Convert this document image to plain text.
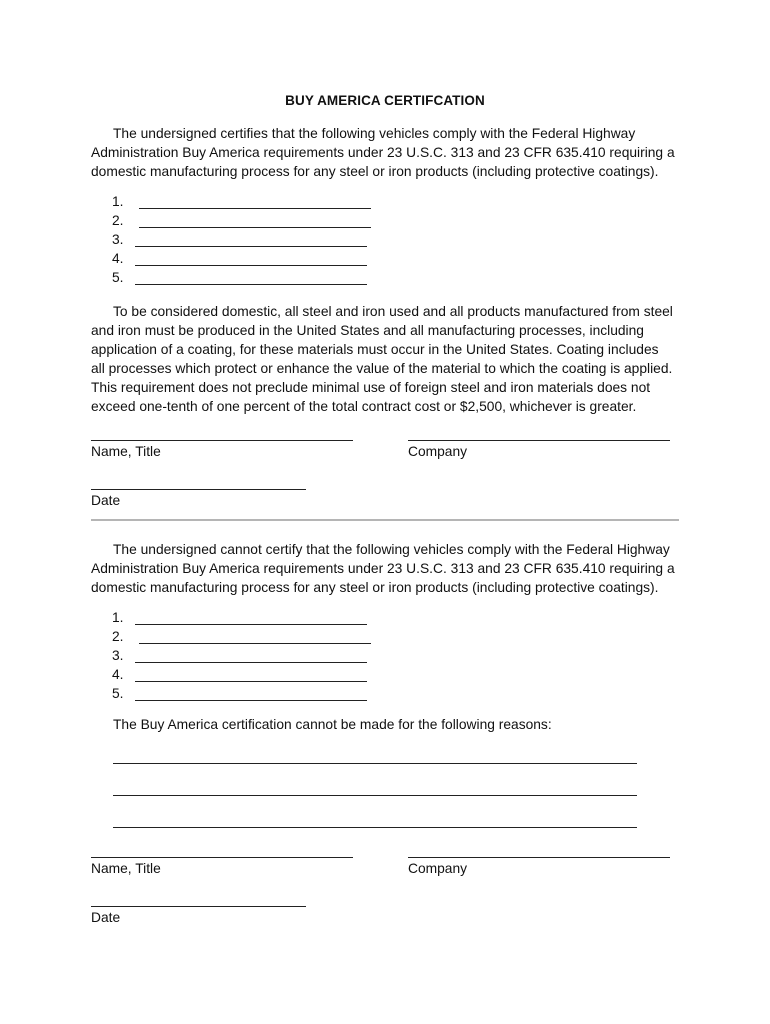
BUY AMERICA CERTIFCATION
The undersigned certifies that the following vehicles comply with the Federal Highway
Administration Buy America requirements under 23 U.S.C. 313 and 23 CFR 635.410 requiring a
domestic manufacturing process for any steel or iron products (including protective coatings).
1.
2.
3.
4.
5.
To be considered domestic, all steel and iron used and all products manufactured from steel
and iron must be produced in the United States and all manufacturing processes, including
application of a coating, for these materials must occur in the United States. Coating includes
all processes which protect or enhance the value of the material to which the coating is applied.
This requirement does not preclude minimal use of foreign steel and iron materials does not
exceed one-tenth of one percent of the total contract cost or $2,500, whichever is greater.
Name, Title	Company
Date
The undersigned cannot certify that the following vehicles comply with the Federal Highway
Administration Buy America requirements under 23 U.S.C. 313 and 23 CFR 635.410 requiring a
domestic manufacturing process for any steel or iron products (including protective coatings).
1.
2.
3.
4.
5.
The Buy America certification cannot be made for the following reasons:
Name, Title	Company
Date
